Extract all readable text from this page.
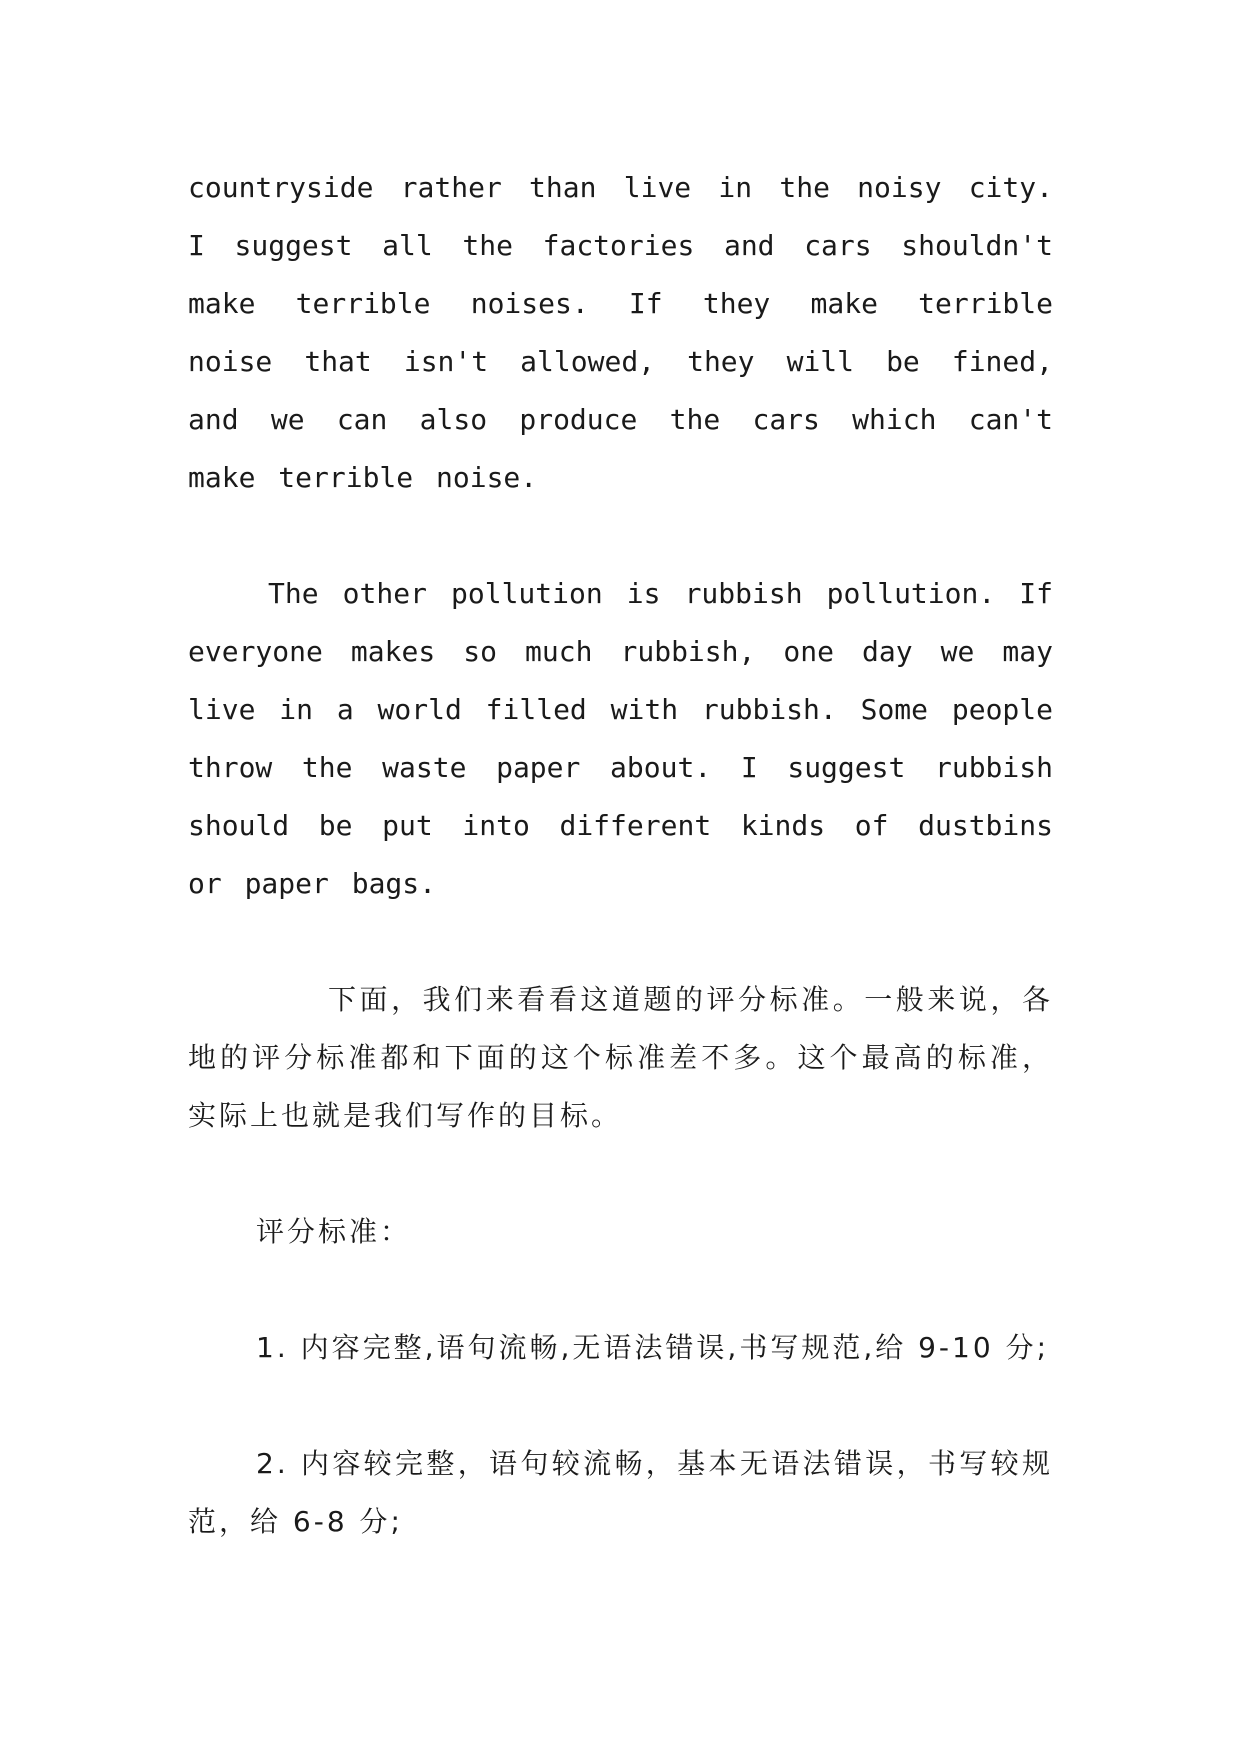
countryside rather than live in the noisy city. I suggest all the factories and cars shouldn't make terrible noises. If they make terrible noise that isn't allowed, they will be fined, and we can also produce the cars which can't make terrible noise.

The other pollution is rubbish pollution. If everyone makes so much rubbish, one day we may live in a world filled with rubbish. Some people throw the waste paper about. I suggest rubbish should be put into different kinds of dustbins or paper bags.

下面，我们来看看这道题的评分标准。一般来说，各地的评分标准都和下面的这个标准差不多。这个最高的标准，实际上也就是我们写作的目标。

评分标准：

1. 内容完整,语句流畅,无语法错误,书写规范,给 9-10 分;

2. 内容较完整，语句较流畅，基本无语法错误，书写较规范，给 6-8 分;
